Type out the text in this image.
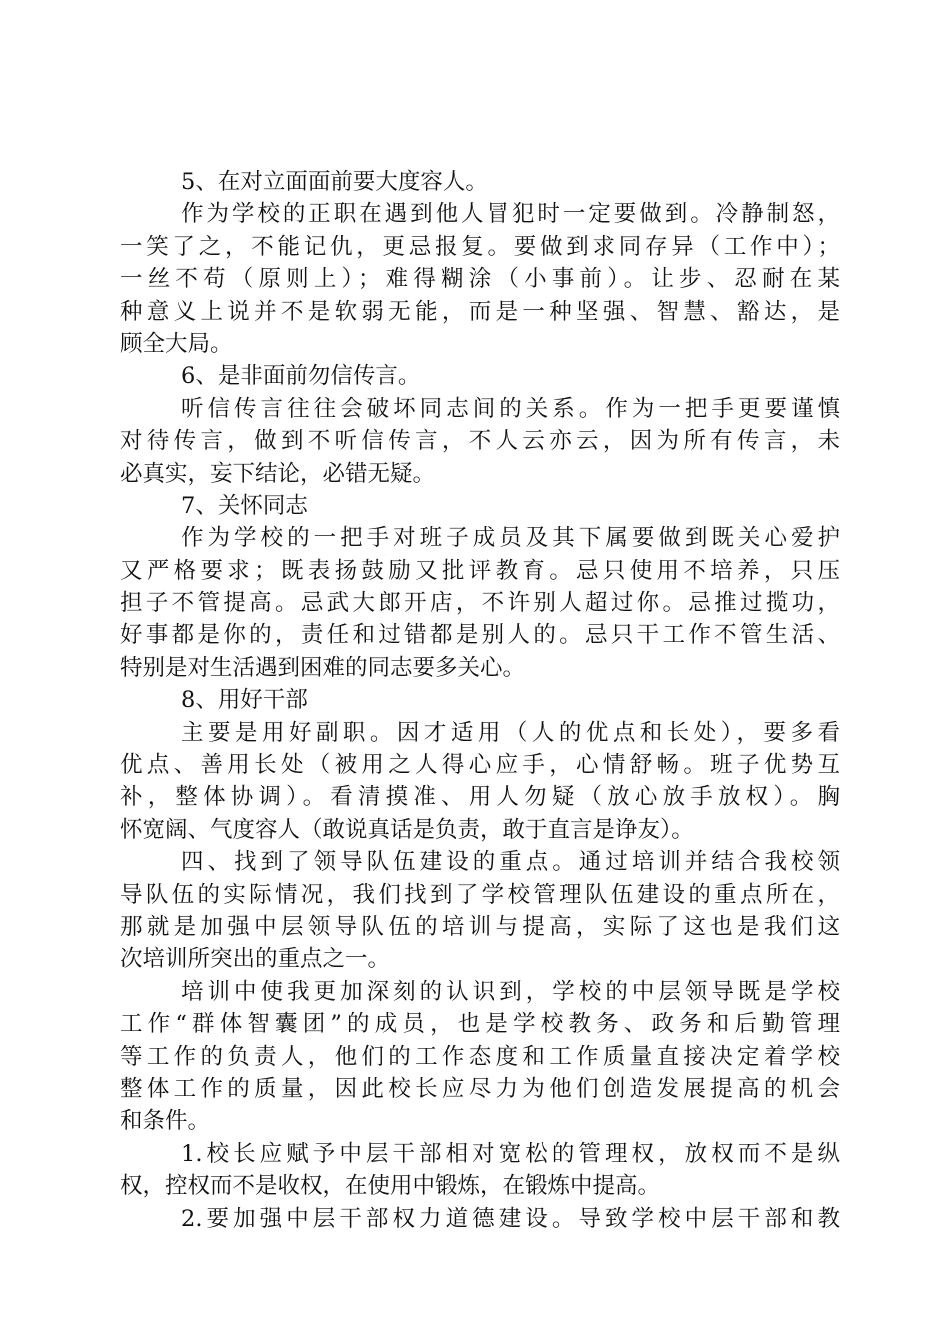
5、在对立面面前要大度容人。
作为学校的正职在遇到他人冒犯时一定要做到。冷静制怒，
一笑了之，不能记仇，更忌报复。要做到求同存异（工作中）；
一丝不苟（原则上）；难得糊涂（小事前）。让步、忍耐在某
种意义上说并不是软弱无能，而是一种坚强、智慧、豁达，是
顾全大局。
6、是非面前勿信传言。
听信传言往往会破坏同志间的关系。作为一把手更要谨慎
对待传言，做到不听信传言，不人云亦云，因为所有传言，未
必真实，妄下结论，必错无疑。
7、关怀同志
作为学校的一把手对班子成员及其下属要做到既关心爱护
又严格要求；既表扬鼓励又批评教育。忌只使用不培养，只压
担子不管提高。忌武大郎开店，不许别人超过你。忌推过揽功，
好事都是你的，责任和过错都是别人的。忌只干工作不管生活、
特别是对生活遇到困难的同志要多关心。
8、用好干部
主要是用好副职。因才适用（人的优点和长处），要多看
优点、善用长处（被用之人得心应手，心情舒畅。班子优势互
补，整体协调）。看清摸准、用人勿疑（放心放手放权）。胸
怀宽阔、气度容人（敢说真话是负责，敢于直言是诤友）。
四、找到了领导队伍建设的重点。通过培训并结合我校领
导队伍的实际情况，我们找到了学校管理队伍建设的重点所在，
那就是加强中层领导队伍的培训与提高，实际了这也是我们这
次培训所突出的重点之一。
培训中使我更加深刻的认识到，学校的中层领导既是学校
工作“群体智囊团”的成员，也是学校教务、政务和后勤管理
等工作的负责人，他们的工作态度和工作质量直接决定着学校
整体工作的质量，因此校长应尽力为他们创造发展提高的机会
和条件。
1.校长应赋予中层干部相对宽松的管理权，放权而不是纵
权，控权而不是收权，在使用中锻炼，在锻炼中提高。
2.要加强中层干部权力道德建设。导致学校中层干部和教
